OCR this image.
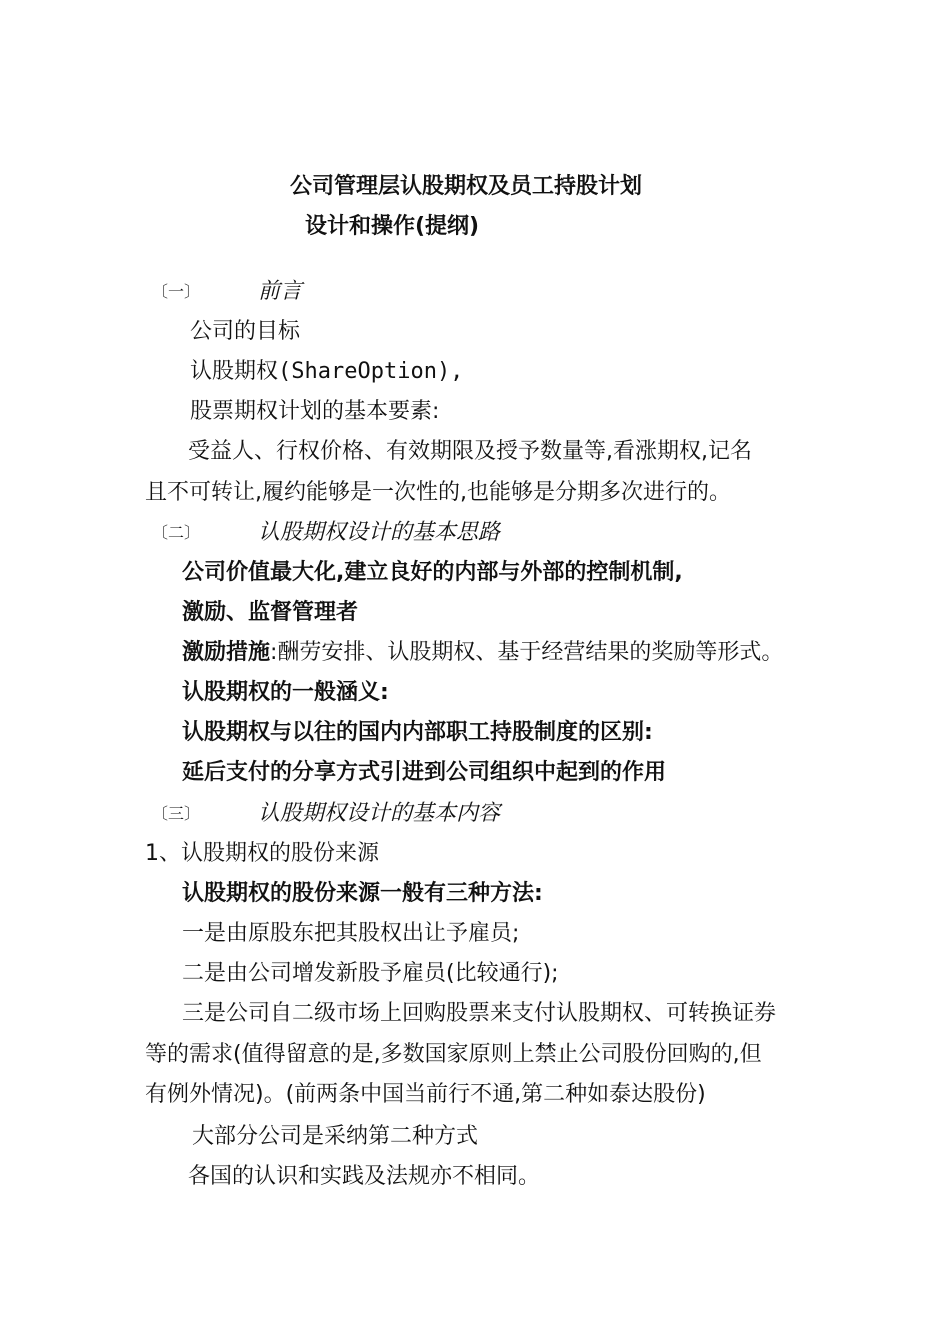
公司管理层认股期权及员工持股计划
设计和操作(提纲)
〔一〕	前言
公司的目标
认股期权(ShareOption),
股票期权计划的基本要素:
受益人、行权价格、有效期限及授予数量等,看涨期权,记名
且不可转让,履约能够是一次性的,也能够是分期多次进行的。
〔二〕	认股期权设计的基本思路
公司价值最大化,建立良好的内部与外部的控制机制,
激励、监督管理者
激励措施:酬劳安排、认股期权、基于经营结果的奖励等形式。
认股期权的一般涵义:
认股期权与以往的国内内部职工持股制度的区别:
延后支付的分享方式引进到公司组织中起到的作用
〔三〕	认股期权设计的基本内容
1、认股期权的股份来源
认股期权的股份来源一般有三种方法:
一是由原股东把其股权出让予雇员;
二是由公司增发新股予雇员(比较通行);
三是公司自二级市场上回购股票来支付认股期权、可转换证券
等的需求(值得留意的是,多数国家原则上禁止公司股份回购的,但
有例外情况)。(前两条中国当前行不通,第二种如泰达股份)
大部分公司是采纳第二种方式
各国的认识和实践及法规亦不相同。
